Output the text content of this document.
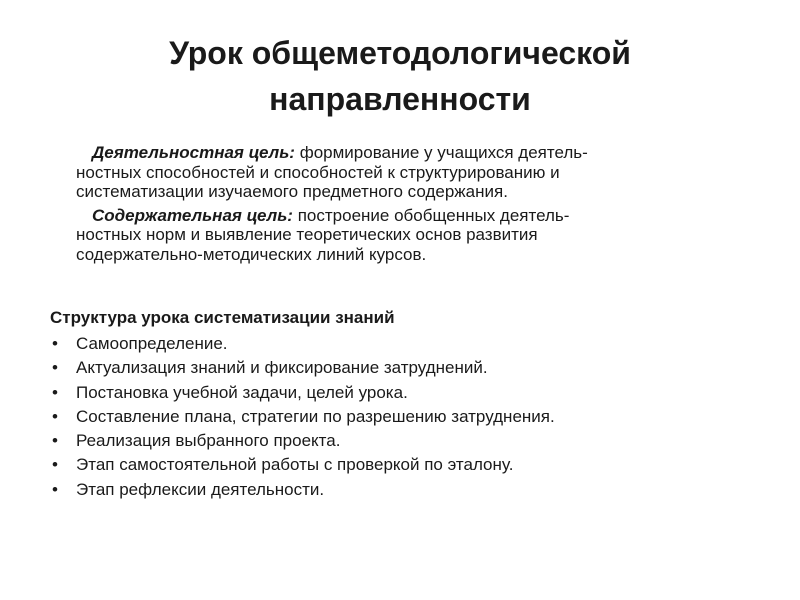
Урок общеметодологической
направленности

Деятельностная цель: формирование у учащихся деятель-
ностных способностей и способностей к структурированию и
систематизации изучаемого предметного содержания.

Содержательная цель: построение обобщенных деятель-
ностных норм и выявление теоретических основ развития
содержательно-методических линий курсов.

Структура урока систематизации знаний
•	Самоопределение.
•	Актуализация знаний и фиксирование затруднений.
•	Постановка учебной задачи, целей урока.
•	Составление плана, стратегии по разрешению затруднения.
•	Реализация выбранного проекта.
•	Этап самостоятельной работы с проверкой по эталону.
•	Этап рефлексии деятельности.
